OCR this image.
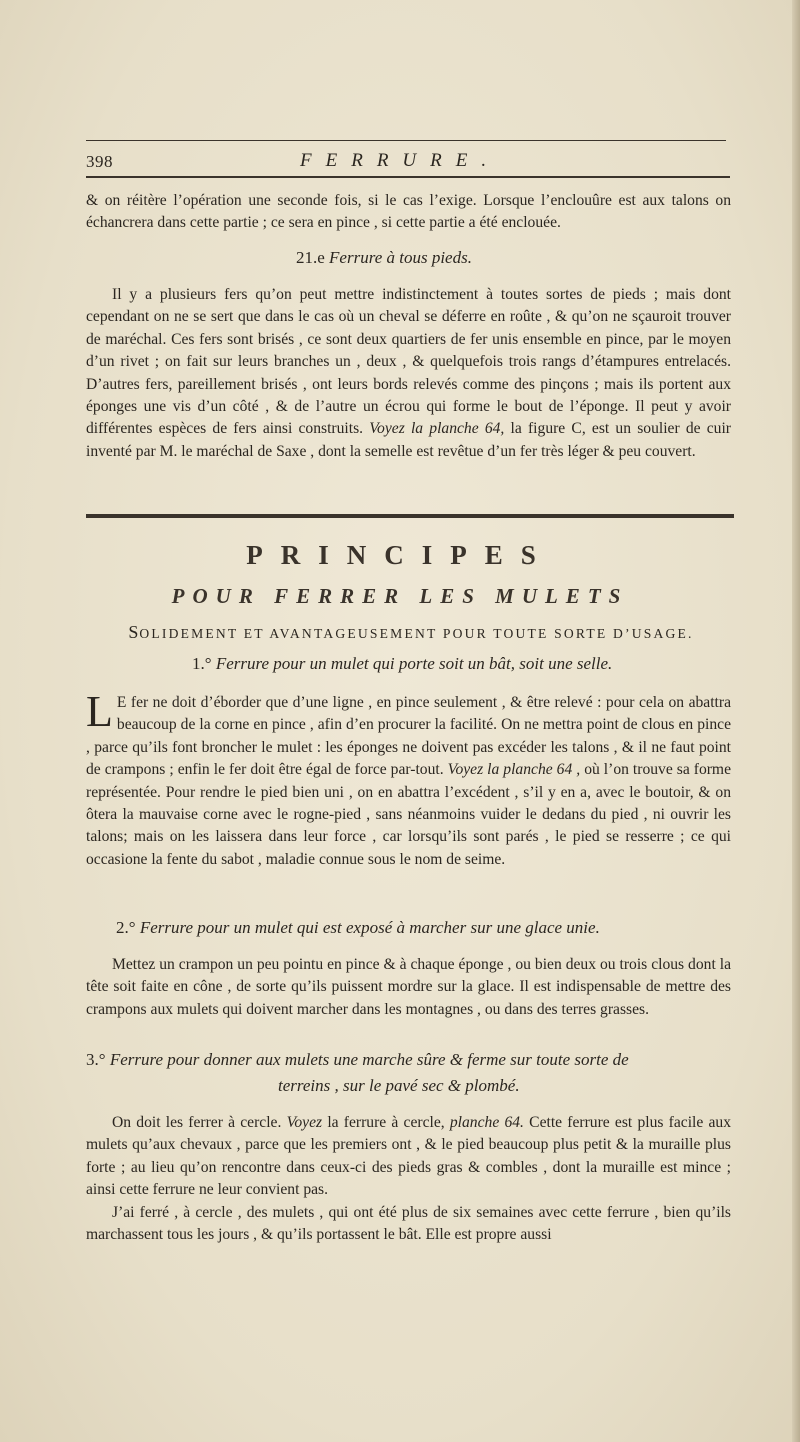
398	FERRURE.

& on réitère l’opération une seconde fois, si le cas l’exige. Lorsque l’enclouûre est aux talons on échancrera dans cette partie ; ce sera en pince , si cette partie a été enclouée.

21.e Ferrure à tous pieds.

Il y a plusieurs fers qu’on peut mettre indistinctement à toutes sortes de pieds ; mais dont cependant on ne se sert que dans le cas où un cheval se déferre en roûte , & qu’on ne sçauroit trouver de maréchal. Ces fers sont brisés , ce sont deux quartiers de fer unis ensemble en pince, par le moyen d’un rivet ; on fait sur leurs branches un , deux , & quelquefois trois rangs d’étampures entrelacés. D’autres fers, pareillement brisés , ont leurs bords relevés comme des pinçons ; mais ils portent aux éponges une vis d’un côté , & de l’autre un écrou qui forme le bout de l’éponge. Il peut y avoir différentes espèces de fers ainsi construits. Voyez la planche 64, la figure C, est un soulier de cuir inventé par M. le maréchal de Saxe , dont la semelle est revêtue d’un fer très léger & peu couvert.

PRINCIPES
POUR FERRER LES MULETS
SOLIDEMENT ET AVANTAGEUSEMENT POUR TOUTE SORTE D’USAGE.
1.° Ferrure pour un mulet qui porte soit un bât, soit une selle.

L E fer ne doit d’éborder que d’une ligne , en pince seulement , & être relevé : pour cela on abattra beaucoup de la corne en pince , afin d’en procurer la facilité. On ne mettra point de clous en pince , parce qu’ils font broncher le mulet : les éponges ne doivent pas excéder les talons , & il ne faut point de crampons ; enfin le fer doit être égal de force par-tout. Voyez la planche 64 , où l’on trouve sa forme représentée. Pour rendre le pied bien uni , on en abattra l’excédent , s’il y en a, avec le boutoir, & on ôtera la mauvaise corne avec le rogne-pied , sans néanmoins vuider le dedans du pied , ni ouvrir les talons; mais on les laissera dans leur force , car lorsqu’ils sont parés , le pied se resserre ; ce qui occasione la fente du sabot , maladie connue sous le nom de seime.

2.° Ferrure pour un mulet qui est exposé à marcher sur une glace unie.

Mettez un crampon un peu pointu en pince & à chaque éponge , ou bien deux ou trois clous dont la tête soit faite en cône , de sorte qu’ils puissent mordre sur la glace. Il est indispensable de mettre des crampons aux mulets qui doivent marcher dans les montagnes , ou dans des terres grasses.

3.° Ferrure pour donner aux mulets une marche sûre & ferme sur toute sorte de
terreins , sur le pavé sec & plombé.

On doit les ferrer à cercle. Voyez la ferrure à cercle, planche 64. Cette ferrure est plus facile aux mulets qu’aux chevaux , parce que les premiers ont , & le pied beaucoup plus petit & la muraille plus forte ; au lieu qu’on rencontre dans ceux-ci des pieds gras & combles , dont la muraille est mince ; ainsi cette ferrure ne leur convient pas.

J’ai ferré , à cercle , des mulets , qui ont été plus de six semaines avec cette ferrure , bien qu’ils marchassent tous les jours , & qu’ils portassent le bât. Elle est propre aussi
